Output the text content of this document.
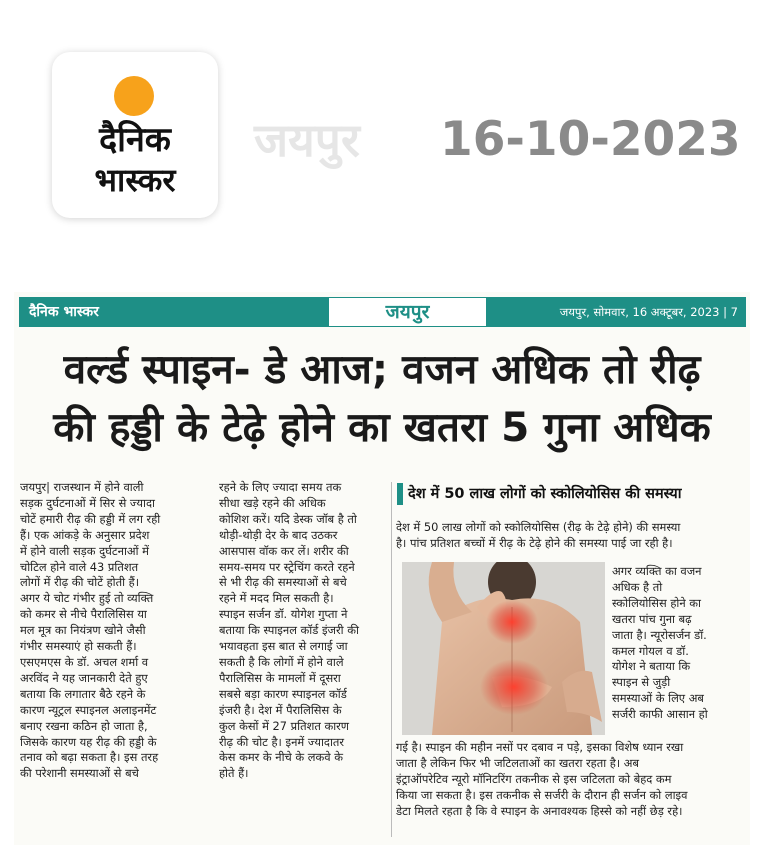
दैनिक
भास्कर
जयपुर 16-10-2023
दैनिक भास्कर	जयपुर	जयपुर, सोमवार, 16 अक्टूबर, 2023 | 7
वर्ल्ड स्पाइन- डे आज; वजन अधिक तो रीढ़
की हड्डी के टेढ़े होने का खतरा 5 गुना अधिक
जयपुर| राजस्थान में होने वाली
सड़क दुर्घटनाओं में सिर से ज्यादा
चोटें हमारी रीढ़ की हड्डी में लग रही
हैं। एक आंकड़े के अनुसार प्रदेश
में होने वाली सड़क दुर्घटनाओं में
चोटिल होने वाले 43 प्रतिशत
लोगों में रीढ़ की चोटें होती हैं।
अगर ये चोट गंभीर हुई तो व्यक्ति
को कमर से नीचे पैरालिसिस या
मल मूत्र का नियंत्रण खोने जैसी
गंभीर समस्याएं हो सकती हैं।
एसएमएस के डॉ. अचल शर्मा व
अरविंद ने यह जानकारी देते हुए
बताया कि लगातार बैठे रहने के
कारण न्यूट्रल स्पाइनल अलाइनमेंट
बनाए रखना कठिन हो जाता है,
जिसके कारण यह रीढ़ की हड्डी के
तनाव को बढ़ा सकता है। इस तरह
की परेशानी समस्याओं से बचे
रहने के लिए ज्यादा समय तक
सीधा खड़े रहने की अधिक
कोशिश करें। यदि डेस्क जॉब है तो
थोड़ी-थोड़ी देर के बाद उठकर
आसपास वॉक कर लें। शरीर की
समय-समय पर स्ट्रेचिंग करते रहने
से भी रीढ़ की समस्याओं से बचे
रहने में मदद मिल सकती है।
स्पाइन सर्जन डॉ. योगेश गुप्ता ने
बताया कि स्पाइनल कॉर्ड इंजरी की
भयावहता इस बात से लगाई जा
सकती है कि लोगों में होने वाले
पैरालिसिस के मामलों में दूसरा
सबसे बड़ा कारण स्पाइनल कॉर्ड
इंजरी है। देश में पैरालिसिस के
कुल केसों में 27 प्रतिशत कारण
रीढ़ की चोट है। इनमें ज्यादातर
केस कमर के नीचे के लकवे के
होते हैं।
देश में 50 लाख लोगों को स्कोलियोसिस की समस्या
देश में 50 लाख लोगों को स्कोलियोसिस (रीढ़ के टेढ़े होने) की समस्या
है। पांच प्रतिशत बच्चों में रीढ़ के टेढ़े होने की समस्या पाई जा रही है।
अगर व्यक्ति का वजन
अधिक है तो
स्कोलियोसिस होने का
खतरा पांच गुना बढ़
जाता है। न्यूरोसर्जन डॉ.
कमल गोयल व डॉ.
योगेश ने बताया कि
स्पाइन से जुड़ी
समस्याओं के लिए अब
सर्जरी काफी आसान हो
गई है। स्पाइन की महीन नसों पर दबाव न पड़े, इसका विशेष ध्यान रखा
जाता है लेकिन फिर भी जटिलताओं का खतरा रहता है। अब
इंट्राऑपरेटिव न्यूरो मॉनिटरिंग तकनीक से इस जटिलता को बेहद कम
किया जा सकता है। इस तकनीक से सर्जरी के दौरान ही सर्जन को लाइव
डेटा मिलते रहता है कि वे स्पाइन के अनावश्यक हिस्से को नहीं छेड़ रहे।
